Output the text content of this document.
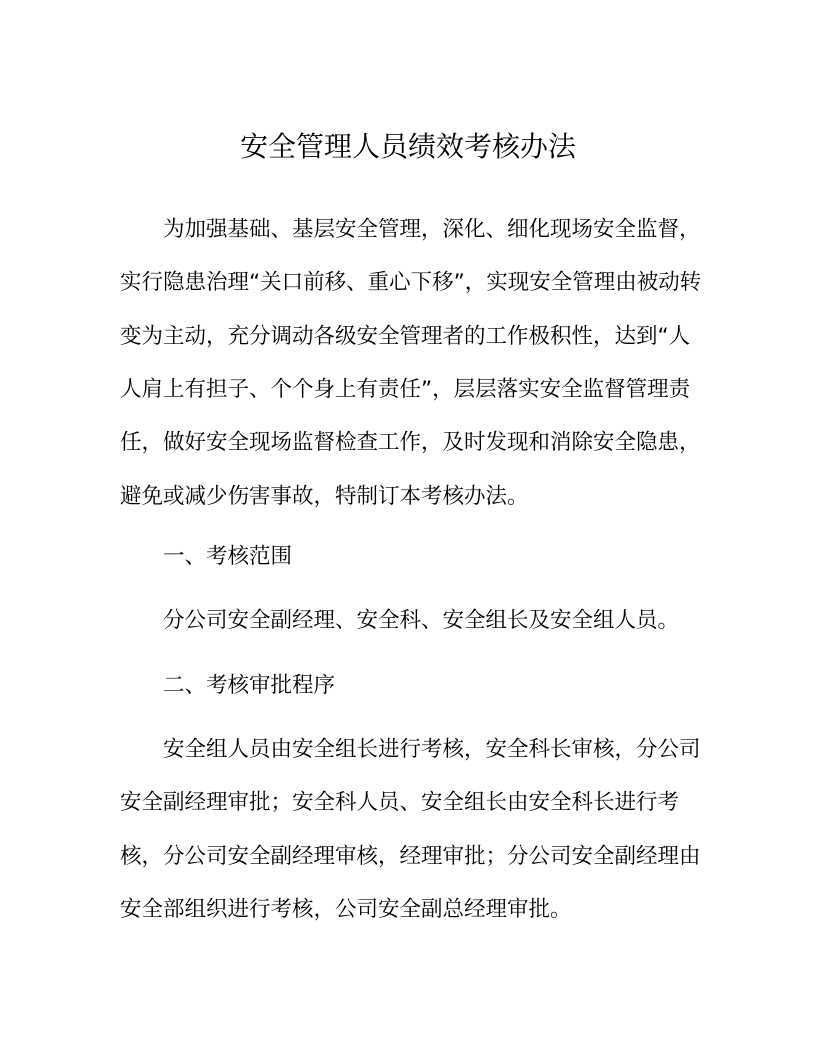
安全管理人员绩效考核办法
为加强基础、基层安全管理，深化、细化现场安全监督，
实行隐患治理“关口前移、重心下移”，实现安全管理由被动转
变为主动，充分调动各级安全管理者的工作极积性，达到“人
人肩上有担子、个个身上有责任”，层层落实安全监督管理责
任，做好安全现场监督检查工作，及时发现和消除安全隐患，
避免或减少伤害事故，特制订本考核办法。
一、考核范围
分公司安全副经理、安全科、安全组长及安全组人员。
二、考核审批程序
安全组人员由安全组长进行考核，安全科长审核，分公司
安全副经理审批；安全科人员、安全组长由安全科长进行考
核，分公司安全副经理审核，经理审批；分公司安全副经理由
安全部组织进行考核，公司安全副总经理审批。
